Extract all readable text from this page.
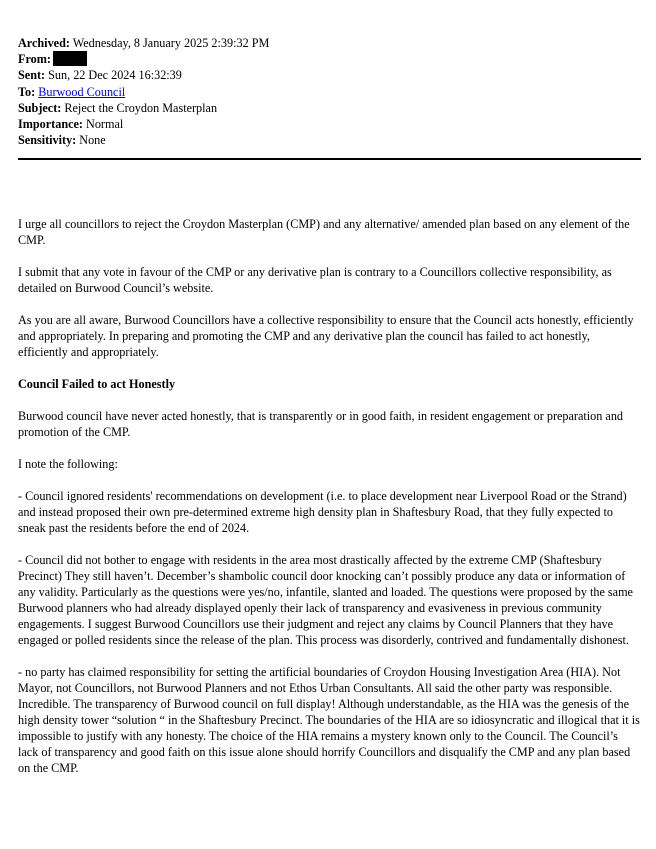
Archived: Wednesday, 8 January 2025 2:39:32 PM
From:
Sent: Sun, 22 Dec 2024 16:32:39
To: Burwood Council
Subject: Reject the Croydon Masterplan
Importance: Normal
Sensitivity: None

I urge all councillors to reject the Croydon Masterplan (CMP) and any alternative/ amended plan based on any element of the CMP.

I submit that any vote in favour of the CMP or any derivative plan is contrary to a Councillors collective responsibility, as detailed on Burwood Council’s website.

As you are all aware, Burwood Councillors have a collective responsibility to ensure that the Council acts honestly, efficiently and appropriately. In preparing and promoting the CMP and any derivative plan the council has failed to act honestly, efficiently and appropriately.

Council Failed to act Honestly

Burwood council have never acted honestly, that is transparently or in good faith, in resident engagement or preparation and promotion of the CMP.

I note the following:

- Council ignored residents' recommendations on development (i.e. to place development near Liverpool Road or the Strand) and instead proposed their own pre-determined extreme high density plan in Shaftesbury Road, that they fully expected to sneak past the residents before the end of 2024.

- Council did not bother to engage with residents in the area most drastically affected by the extreme CMP (Shaftesbury Precinct) They still haven’t. December’s shambolic council door knocking can’t possibly produce any data or information of any validity. Particularly as the questions were yes/no, infantile, slanted and loaded. The questions were proposed by the same Burwood planners who had already displayed openly their lack of transparency and evasiveness in previous community engagements. I suggest Burwood Councillors use their judgment and reject any claims by Council Planners that they have engaged or polled residents since the release of the plan. This process was disorderly, contrived and fundamentally dishonest.

- no party has claimed responsibility for setting the artificial boundaries of Croydon Housing Investigation Area (HIA). Not Mayor, not Councillors, not Burwood Planners and not Ethos Urban Consultants. All said the other party was responsible. Incredible. The transparency of Burwood council on full display! Although understandable, as the HIA was the genesis of the high density tower “solution “ in the Shaftesbury Precinct. The boundaries of the HIA are so idiosyncratic and illogical that it is impossible to justify with any honesty. The choice of the HIA remains a mystery known only to the Council. The Council’s lack of transparency and good faith on this issue alone should horrify Councillors and disqualify the CMP and any plan based on the CMP.
